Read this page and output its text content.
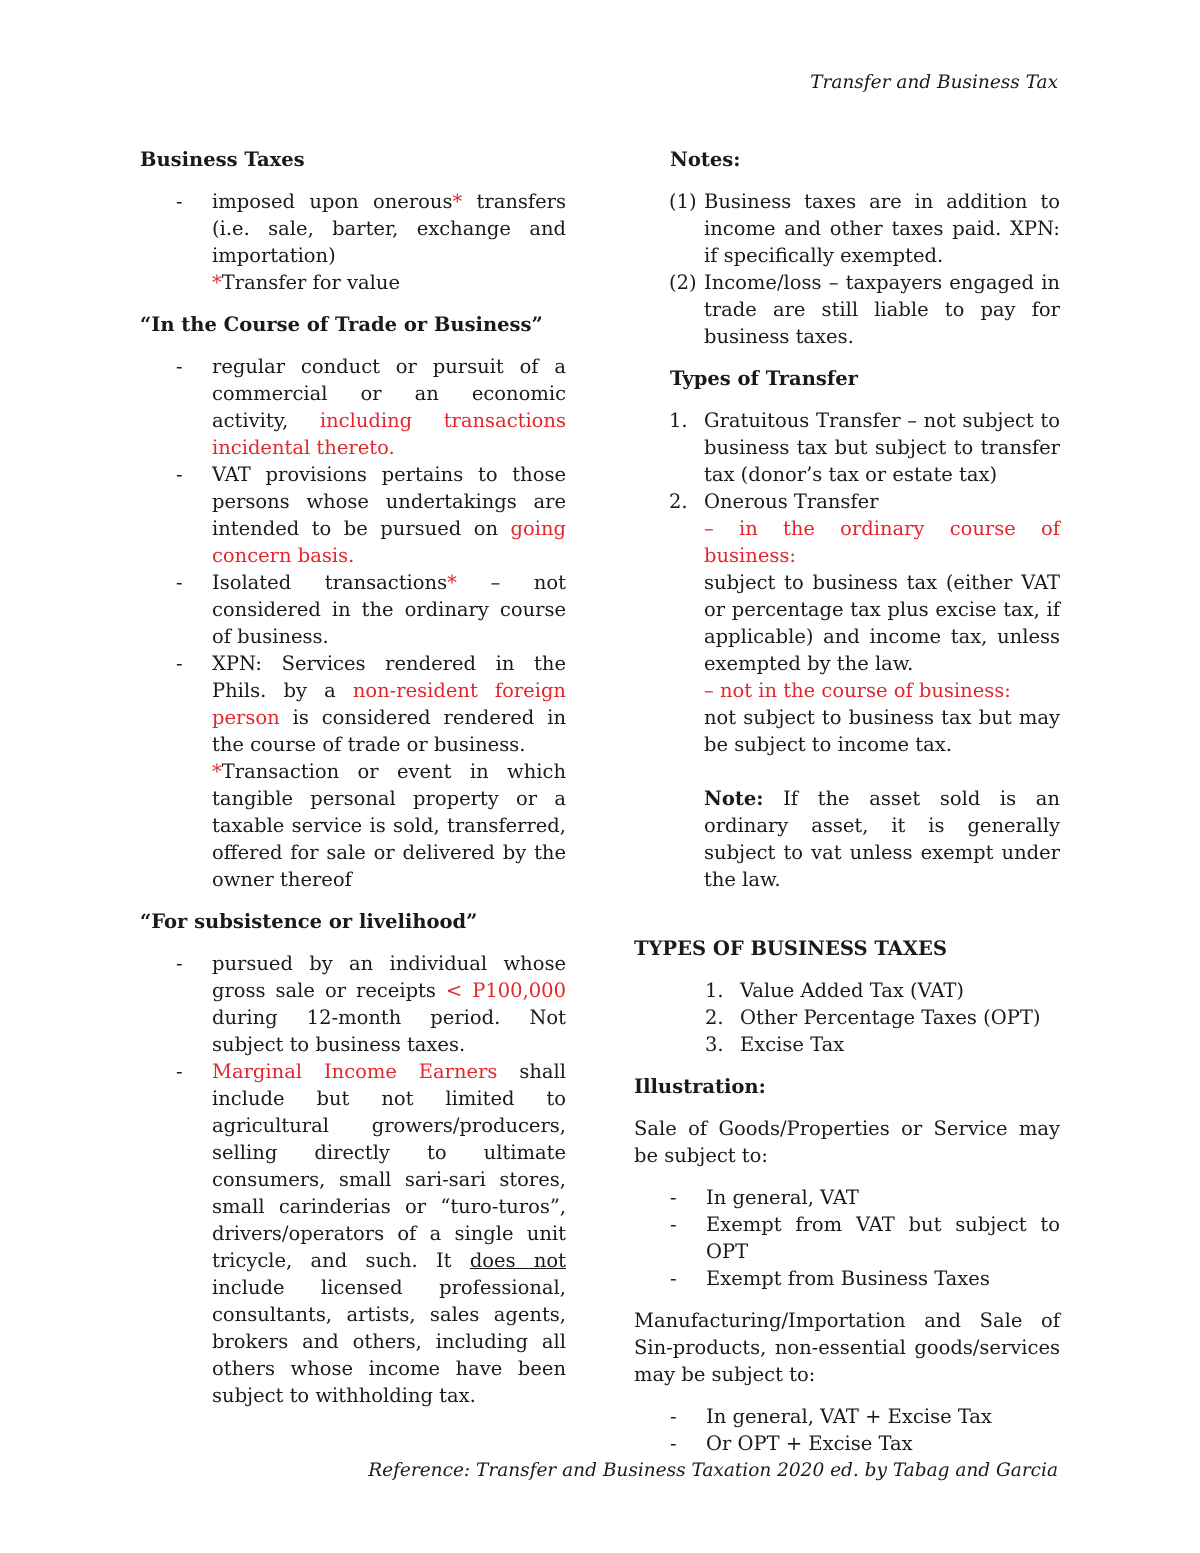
Transfer and Business Tax
Business Taxes
- imposed upon onerous* transfers (i.e. sale, barter, exchange and importation)
*Transfer for value
“In the Course of Trade or Business”
- regular conduct or pursuit of a commercial or an economic activity, including transactions incidental thereto.
- VAT provisions pertains to those persons whose undertakings are intended to be pursued on going concern basis.
- Isolated transactions* – not considered in the ordinary course of business.
- XPN: Services rendered in the Phils. by a non-resident foreign person is considered rendered in the course of trade or business.
*Transaction or event in which tangible personal property or a taxable service is sold, transferred, offered for sale or delivered by the owner thereof
“For subsistence or livelihood”
- pursued by an individual whose gross sale or receipts < P100,000 during 12-month period. Not subject to business taxes.
- Marginal Income Earners shall include but not limited to agricultural growers/producers, selling directly to ultimate consumers, small sari-sari stores, small carinderias or “turo-turos”, drivers/operators of a single unit tricycle, and such. It does not include licensed professional, consultants, artists, sales agents, brokers and others, including all others whose income have been subject to withholding tax.
Notes:
(1) Business taxes are in addition to income and other taxes paid. XPN: if specifically exempted.
(2) Income/loss – taxpayers engaged in trade are still liable to pay for business taxes.
Types of Transfer
1. Gratuitous Transfer – not subject to business tax but subject to transfer tax (donor’s tax or estate tax)
2. Onerous Transfer
– in the ordinary course of business:
subject to business tax (either VAT or percentage tax plus excise tax, if applicable) and income tax, unless exempted by the law.
– not in the course of business:
not subject to business tax but may be subject to income tax.
Note: If the asset sold is an ordinary asset, it is generally subject to vat unless exempt under the law.
TYPES OF BUSINESS TAXES
1. Value Added Tax (VAT)
2. Other Percentage Taxes (OPT)
3. Excise Tax
Illustration:

Sale of Goods/Properties or Service may be subject to:

- In general, VAT
- Exempt from VAT but subject to OPT
- Exempt from Business Taxes

Manufacturing/Importation and Sale of Sin-products, non-essential goods/services may be subject to:

- In general, VAT + Excise Tax
- Or OPT + Excise Tax
Reference: Transfer and Business Taxation 2020 ed. by Tabag and Garcia
